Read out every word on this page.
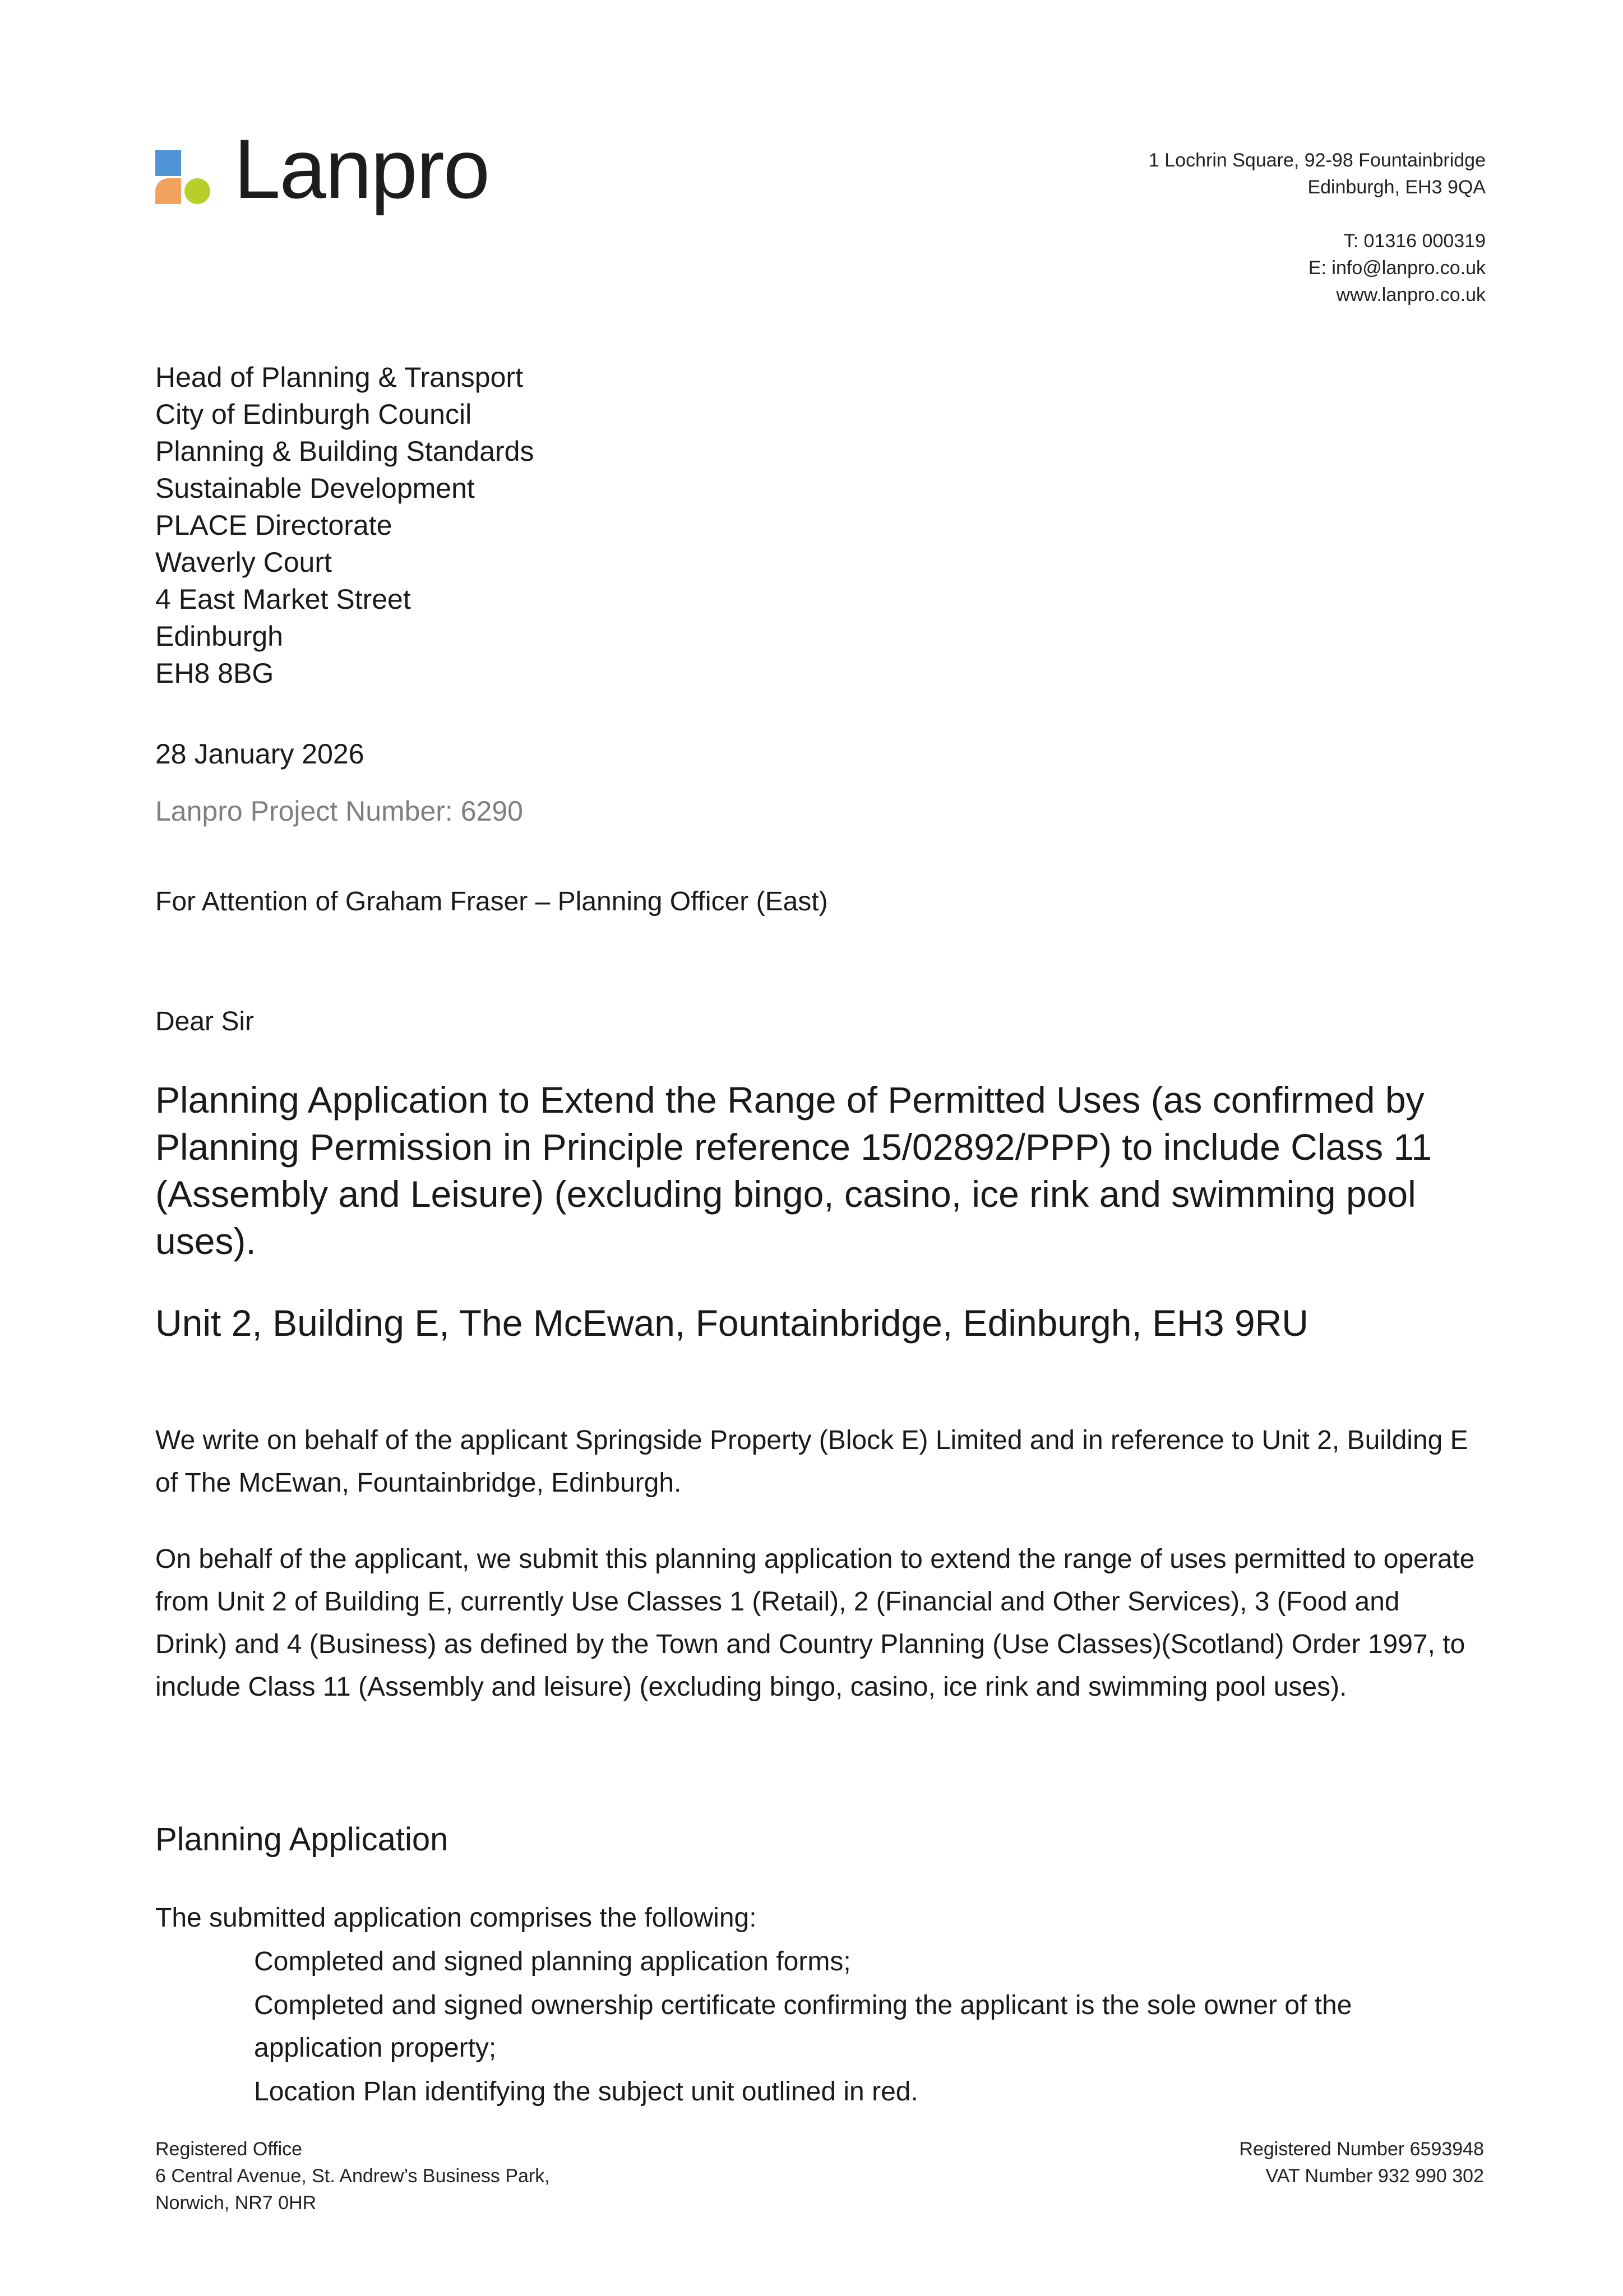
Lanpro	1 Lochrin Square, 92-98 Fountainbridge
Edinburgh, EH3 9QA
T: 01316 000319
E: info@lanpro.co.uk
www.lanpro.co.uk
Head of Planning & Transport
City of Edinburgh Council
Planning & Building Standards
Sustainable Development
PLACE Directorate
Waverly Court
4 East Market Street
Edinburgh
EH8 8BG
28 January 2026
Lanpro Project Number: 6290
For Attention of Graham Fraser – Planning Officer (East)
Dear Sir
Planning Application to Extend the Range of Permitted Uses (as confirmed by Planning Permission in Principle reference 15/02892/PPP) to include Class 11 (Assembly and Leisure) (excluding bingo, casino, ice rink and swimming pool uses).
Unit 2, Building E, The McEwan, Fountainbridge, Edinburgh, EH3 9RU
We write on behalf of the applicant Springside Property (Block E) Limited and in reference to Unit 2, Building E of The McEwan, Fountainbridge, Edinburgh.
On behalf of the applicant, we submit this planning application to extend the range of uses permitted to operate from Unit 2 of Building E, currently Use Classes 1 (Retail), 2 (Financial and Other Services), 3 (Food and Drink) and 4 (Business) as defined by the Town and Country Planning (Use Classes)(Scotland) Order 1997, to include Class 11 (Assembly and leisure) (excluding bingo, casino, ice rink and swimming pool uses).
Planning Application
The submitted application comprises the following:
Completed and signed planning application forms;
Completed and signed ownership certificate confirming the applicant is the sole owner of the application property;
Location Plan identifying the subject unit outlined in red.
Registered Office
6 Central Avenue, St. Andrew’s Business Park,
Norwich, NR7 0HR
Registered Number 6593948
VAT Number 932 990 302
